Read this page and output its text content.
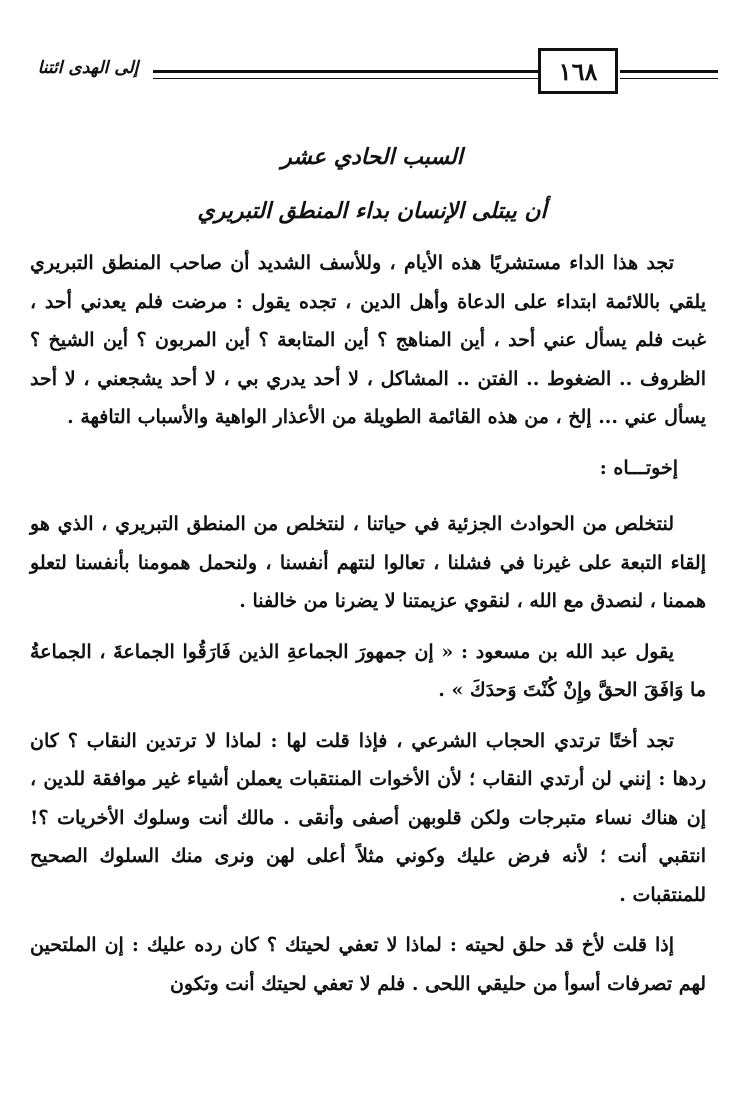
١٦٨
إلى الهدى ائتنا
السبب الحادي عشر
أن يبتلى الإنسان بداء المنطق التبريري

تجد هذا الداء مستشريًا هذه الأيام ، وللأسف الشديد أن صاحب المنطق التبريري يلقي باللائمة ابتداء على الدعاة وأهل الدين ، تجده يقول : مرضت فلم يعدني أحد ، غبت فلم يسأل عني أحد ، أين المناهج ؟ أين المتابعة ؟ أين المربون ؟ أين الشيخ ؟ الظروف .. الضغوط .. الفتن .. المشاكل ، لا أحد يدري بي ، لا أحد يشجعني ، لا أحد يسأل عني ... إلخ ، من هذه القائمة الطويلة من الأعذار الواهية والأسباب التافهة .

إخوتـــاه :

لنتخلص من الحوادث الجزئية في حياتنا ، لنتخلص من المنطق التبريري ، الذي هو إلقاء التبعة على غيرنا في فشلنا ، تعالوا لنتهم أنفسنا ، ولنحمل همومنا بأنفسنا لتعلو هممنا ، لنصدق مع الله ، لنقوي عزيمتنا لا يضرنا من خالفنا .

يقول عبد الله بن مسعود : « إن جمهورَ الجماعةِ الذين فَارَقُوا الجماعةَ ، الجماعةُ ما وَافَقَ الحقَّ وإِنْ كُنْتَ وَحدَكَ » .

تجد أختًا ترتدي الحجاب الشرعي ، فإذا قلت لها : لماذا لا ترتدين النقاب ؟ كان ردها : إنني لن أرتدي النقاب ؛ لأن الأخوات المنتقبات يعملن أشياء غير موافقة للدين ، إن هناك نساء متبرجات ولكن قلوبهن أصفى وأنقى . مالك أنت وسلوك الأخريات ؟! انتقبي أنت ؛ لأنه فرض عليك وكوني مثلاً أعلى لهن ونرى منك السلوك الصحيح للمنتقبات .

إذا قلت لأخ قد حلق لحيته : لماذا لا تعفي لحيتك ؟ كان رده عليك : إن الملتحين لهم تصرفات أسوأ من حليقي اللحى . فلم لا تعفي لحيتك أنت وتكون
